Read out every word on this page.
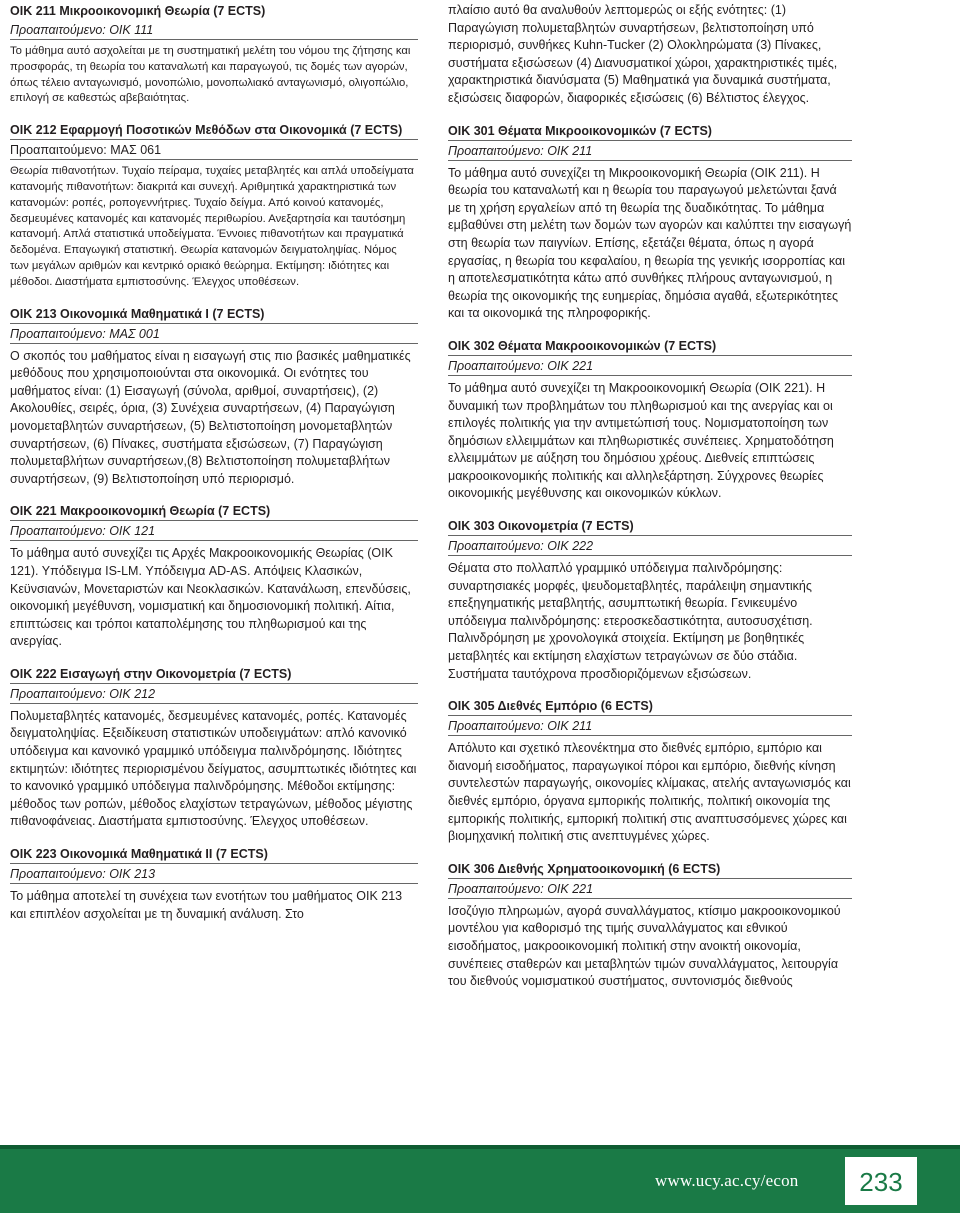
ΟΙΚ 211 Μικροοικονομική Θεωρία (7 ECTS)
Προαπαιτούμενο: ΟΙΚ 111
Το μάθημα αυτό ασχολείται με τη συστηματική μελέτη του νόμου της ζήτησης και προσφοράς, τη θεωρία του καταναλωτή και παραγωγού, τις δομές των αγορών, όπως τέλειο ανταγωνισμό, μονοπώλιο, μονοπωλιακό ανταγωνισμό, ολιγοπώλιο, επιλογή σε καθεστώς αβεβαιότητας.
ΟΙΚ 212 Εφαρμογή Ποσοτικών Μεθόδων στα Οικονομικά (7 ECTS)
Προαπαιτούμενο: ΜΑΣ 061
Θεωρία πιθανοτήτων. Τυχαίο πείραμα, τυχαίες μεταβλητές και απλά υποδείγματα κατανομής πιθανοτήτων: διακριτά και συνεχή. Αριθμητικά χαρακτηριστικά των κατανομών: ροπές, ροπογεννήτριες. Τυχαίο δείγμα. Από κοινού κατανομές, δεσμευμένες κατανομές και κατανομές περιθωρίου. Ανεξαρτησία και ταυτόσημη κατανομή. Απλά στατιστικά υποδείγματα. Έννοιες πιθανοτήτων και πραγματικά δεδομένα. Επαγωγική στατιστική. Θεωρία κατανομών δειγματοληψίας. Νόμος των μεγάλων αριθμών και κεντρικό οριακό θεώρημα. Εκτίμηση: ιδιότητες και μέθοδοι. Διαστήματα εμπιστοσύνης. Έλεγχος υποθέσεων.
ΟΙΚ 213 Οικονομικά Μαθηματικά Ι (7 ECTS)
Προαπαιτούμενο: ΜΑΣ 001
Ο σκοπός του μαθήματος είναι η εισαγωγή στις πιο βασικές μαθηματικές μεθόδους που χρησιμοποιούνται στα οικονομικά. Οι ενότητες του μαθήματος είναι: (1) Εισαγωγή (σύνολα, αριθμοί, συναρτήσεις), (2) Ακολουθίες, σειρές, όρια, (3) Συνέχεια συναρτήσεων, (4) Παραγώγιση μονομεταβλητών συναρτήσεων, (5) Βελτιστοποίηση μονομεταβλητών συναρτήσεων, (6) Πίνακες, συστήματα εξισώσεων, (7) Παραγώγιση πολυμεταβλήτων συναρτήσεων,(8) Βελτιστοποίηση πολυμεταβλήτων συναρτήσεων, (9) Βελτιστοποίηση υπό περιορισμό.
ΟΙΚ 221 Μακροοικονομική Θεωρία (7 ECTS)
Προαπαιτούμενο: ΟΙΚ 121
Το μάθημα αυτό συνεχίζει τις Αρχές Μακροοικονομικής Θεωρίας (ΟΙΚ 121). Υπόδειγμα IS-LM. Υπόδειγμα AD-AS. Απόψεις Κλασικών, Κεϋνσιανών, Μονεταριστών και Νεοκλασικών. Κατανάλωση, επενδύσεις, οικονομική μεγέθυνση, νομισματική και δημοσιονομική πολιτική. Αίτια, επιπτώσεις και τρόποι καταπολέμησης του πληθωρισμού και της ανεργίας.
ΟΙΚ 222 Εισαγωγή στην Οικονομετρία (7 ECTS)
Προαπαιτούμενο: ΟΙΚ 212
Πολυμεταβλητές κατανομές, δεσμευμένες κατανομές, ροπές. Κατανομές δειγματοληψίας. Εξειδίκευση στατιστικών υποδειγμάτων: απλό κανονικό υπόδειγμα και κανονικό γραμμικό υπόδειγμα παλινδρόμησης. Ιδιότητες εκτιμητών: ιδιότητες περιορισμένου δείγματος, ασυμπτωτικές ιδιότητες και το κανονικό γραμμικό υπόδειγμα παλινδρόμησης. Μέθοδοι εκτίμησης: μέθοδος των ροπών, μέθοδος ελαχίστων τετραγώνων, μέθοδος μέγιστης πιθανοφάνειας. Διαστήματα εμπιστοσύνης. Έλεγχος υποθέσεων.
ΟΙΚ 223 Οικονομικά Μαθηματικά ΙΙ (7 ECTS)
Προαπαιτούμενο: ΟΙΚ 213
Το μάθημα αποτελεί τη συνέχεια των ενοτήτων του μαθήματος ΟΙΚ 213 και επιπλέον ασχολείται με τη δυναμική ανάλυση. Στο
πλαίσιο αυτό θα αναλυθούν λεπτομερώς οι εξής ενότητες: (1) Παραγώγιση πολυμεταβλητών συναρτήσεων, βελτιστοποίηση υπό περιορισμό, συνθήκες Kuhn-Tucker (2) Ολοκληρώματα (3) Πίνακες, συστήματα εξισώσεων (4) Διανυσματικοί χώροι, χαρακτηριστικές τιμές, χαρακτηριστικά διανύσματα (5) Μαθηματικά για δυναμικά συστήματα, εξισώσεις διαφορών, διαφορικές εξισώσεις (6) Βέλτιστος έλεγχος.
ΟΙΚ 301 Θέματα Μικροοικονομικών (7 ECTS)
Προαπαιτούμενο: ΟΙΚ 211
Το μάθημα αυτό συνεχίζει τη Μικροοικονομική Θεωρία (ΟΙΚ 211). Η θεωρία του καταναλωτή και η θεωρία του παραγωγού μελετώνται ξανά με τη χρήση εργαλείων από τη θεωρία της δυαδικότητας. Το μάθημα εμβαθύνει στη μελέτη των δομών των αγορών και καλύπτει την εισαγωγή στη θεωρία των παιγνίων. Επίσης, εξετάζει θέματα, όπως η αγορά εργασίας, η θεωρία του κεφαλαίου, η θεωρία της γενικής ισορροπίας και η αποτελεσματικότητα κάτω από συνθήκες πλήρους ανταγωνισμού, η θεωρία της οικονομικής της ευημερίας, δημόσια αγαθά, εξωτερικότητες και τα οικονομικά της πληροφορικής.
ΟΙΚ 302 Θέματα Μακροοικονομικών (7 ECTS)
Προαπαιτούμενο: ΟΙΚ 221
Το μάθημα αυτό συνεχίζει τη Μακροοικονομική Θεωρία (ΟΙΚ 221). Η δυναμική των προβλημάτων του πληθωρισμού και της ανεργίας και οι επιλογές πολιτικής για την αντιμετώπισή τους. Νομισματοποίηση των δημόσιων ελλειμμάτων και πληθωριστικές συνέπειες. Χρηματοδότηση ελλειμμάτων με αύξηση του δημόσιου χρέους. Διεθνείς επιπτώσεις μακροοικονομικής πολιτικής και αλληλεξάρτηση. Σύγχρονες θεωρίες οικονομικής μεγέθυνσης και οικονομικών κύκλων.
ΟΙΚ 303 Οικονομετρία (7 ECTS)
Προαπαιτούμενο: ΟΙΚ 222
Θέματα στο πολλαπλό γραμμικό υπόδειγμα παλινδρόμησης: συναρτησιακές μορφές, ψευδομεταβλητές, παράλειψη σημαντικής επεξηγηματικής μεταβλητής, ασυμπτωτική θεωρία. Γενικευμένο υπόδειγμα παλινδρόμησης: ετεροσκεδαστικότητα, αυτοσυσχέτιση. Παλινδρόμηση με χρονολογικά στοιχεία. Εκτίμηση με βοηθητικές μεταβλητές και εκτίμηση ελαχίστων τετραγώνων σε δύο στάδια. Συστήματα ταυτόχρονα προσδιοριζόμενων εξισώσεων.
ΟΙΚ 305 Διεθνές Εμπόριο (6 ECTS)
Προαπαιτούμενο: ΟΙΚ 211
Απόλυτο και σχετικό πλεονέκτημα στο διεθνές εμπόριο, εμπόριο και διανομή εισοδήματος, παραγωγικοί πόροι και εμπόριο, διεθνής κίνηση συντελεστών παραγωγής, οικονομίες κλίμακας, ατελής ανταγωνισμός και διεθνές εμπόριο, όργανα εμπορικής πολιτικής, πολιτική οικονομία της εμπορικής πολιτικής, εμπορική πολιτική στις αναπτυσσόμενες χώρες και βιομηχανική πολιτική στις ανεπτυγμένες χώρες.
ΟΙΚ 306 Διεθνής Χρηματοοικονομική (6 ECTS)
Προαπαιτούμενο: ΟΙΚ 221
Ισοζύγιο πληρωμών, αγορά συναλλάγματος, κτίσιμο μακροοικονομικού μοντέλου για καθορισμό της τιμής συναλλάγματος και εθνικού εισοδήματος, μακροοικονομική πολιτική στην ανοικτή οικονομία, συνέπειες σταθερών και μεταβλητών τιμών συναλλάγματος, λειτουργία του διεθνούς νομισματικού συστήματος, συντονισμός διεθνούς
www.ucy.ac.cy/econ	233
